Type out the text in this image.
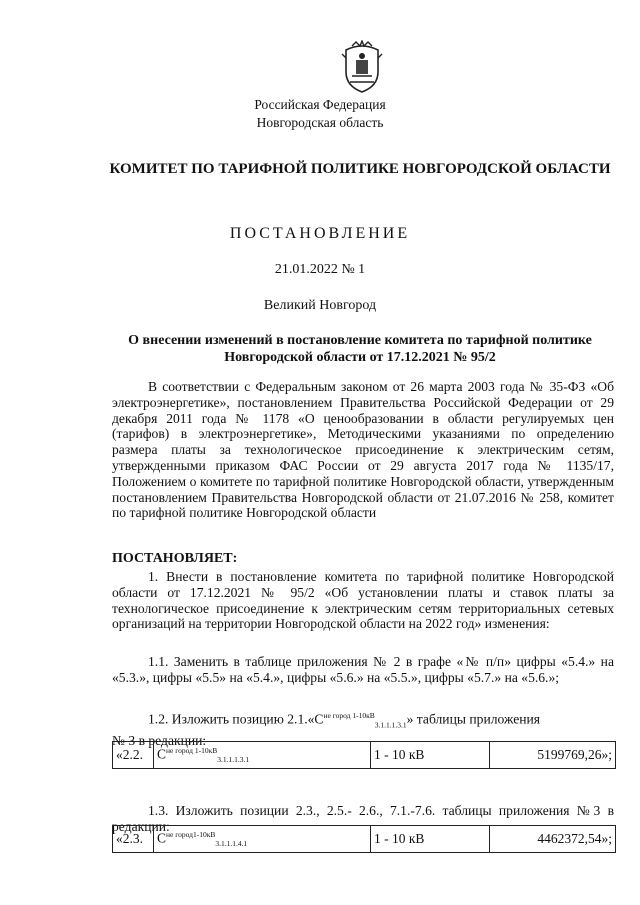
Российская Федерация
Новгородская область
КОМИТЕТ ПО ТАРИФНОЙ ПОЛИТИКЕ НОВГОРОДСКОЙ ОБЛАСТИ
ПОСТАНОВЛЕНИЕ
21.01.2022 № 1
Великий Новгород
О внесении изменений в постановление комитета по тарифной политике Новгородской области от 17.12.2021 № 95/2
В соответствии с Федеральным законом от 26 марта 2003 года № 35-ФЗ «Об электроэнергетике», постановлением Правительства Российской Федерации от 29 декабря 2011 года № 1178 «О ценообразовании в области регулируемых цен (тарифов) в электроэнергетике», Методическими указаниями по определению размера платы за технологическое присоединение к электрическим сетям, утвержденными приказом ФАС России от 29 августа 2017 года № 1135/17, Положением о комитете по тарифной политике Новгородской области, утвержденным постановлением Правительства Новгородской области от 21.07.2016 № 258, комитет по тарифной политике Новгородской области
ПОСТАНОВЛЯЕТ:
1. Внести в постановление комитета по тарифной политике Новгородской области от 17.12.2021 № 95/2 «Об установлении платы и ставок платы за технологическое присоединение к электрическим сетям территориальных сетевых организаций на территории Новгородской области на 2022 год» изменения:
1.1. Заменить в таблице приложения № 2 в графе «№ п/п» цифры «5.4.» на «5.3.», цифры «5.5» на «5.4.», цифры «5.6.» на «5.5.», цифры «5.7.» на «5.6.»;
1.2. Изложить позицию $2.1.«С^{не город 1-10кВ}_{3.1.1.1.3.1}$» таблицы приложения
№ 3 в редакции:
«2.2.	$С^{не город 1-10кВ}_{3.1.1.1.3.1}$	1 - 10 кВ	5199769,26»;
1.3. Изложить позиции 2.3., 2.5.- 2.6., 7.1.-7.6. таблицы приложения №3 в редакции:
«2.3.	$С^{не город1-10кВ}_{3.1.1.1.4.1}$	1 - 10 кВ	4462372,54»;
